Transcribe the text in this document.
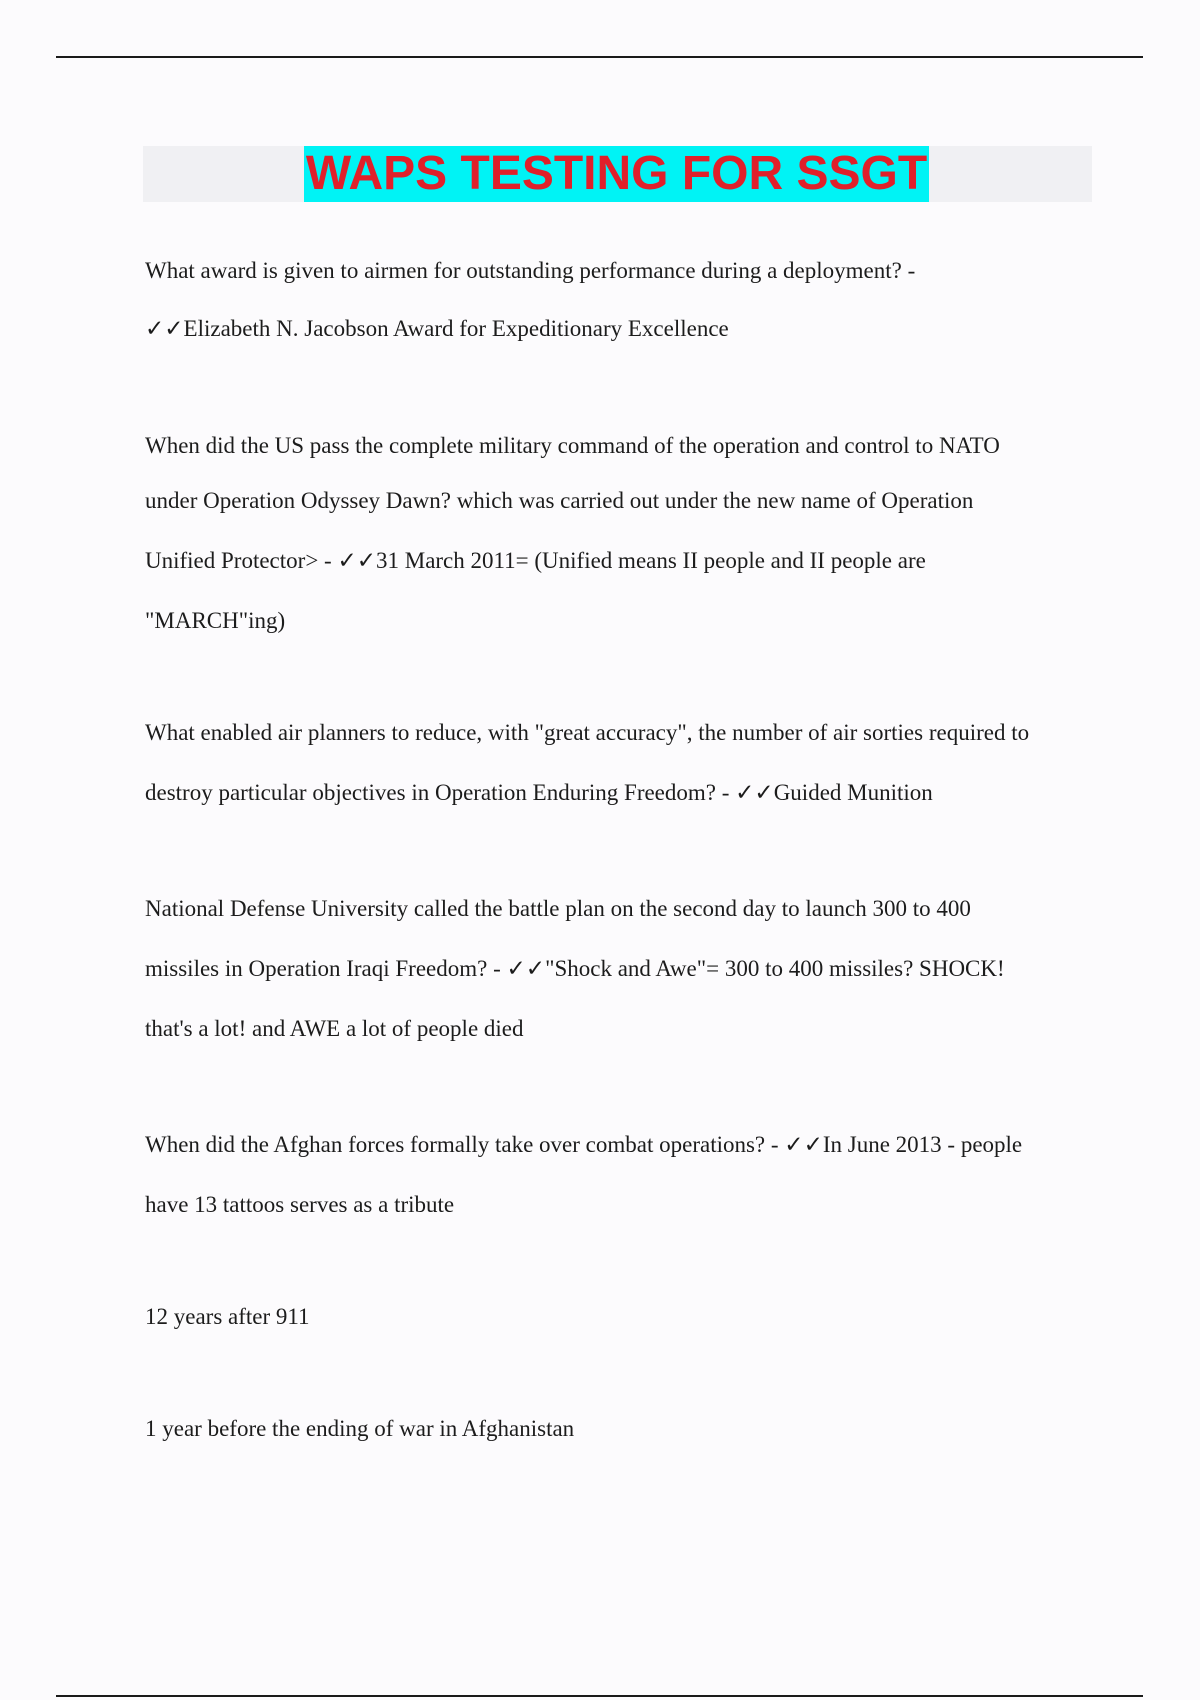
WAPS TESTING FOR SSGT
What award is given to airmen for outstanding performance during a deployment? -
✓✓Elizabeth N. Jacobson Award for Expeditionary Excellence
When did the US pass the complete military command of the operation and control to NATO
under Operation Odyssey Dawn? which was carried out under the new name of Operation
Unified Protector> - ✓✓31 March 2011= (Unified means II people and II people are
"MARCH"ing)
What enabled air planners to reduce, with "great accuracy", the number of air sorties required to
destroy particular objectives in Operation Enduring Freedom? - ✓✓Guided Munition
National Defense University called the battle plan on the second day to launch 300 to 400
missiles in Operation Iraqi Freedom? - ✓✓"Shock and Awe"= 300 to 400 missiles? SHOCK!
that's a lot! and AWE a lot of people died
When did the Afghan forces formally take over combat operations? - ✓✓In June 2013 - people
have 13 tattoos serves as a tribute
12 years after 911
1 year before the ending of war in Afghanistan
